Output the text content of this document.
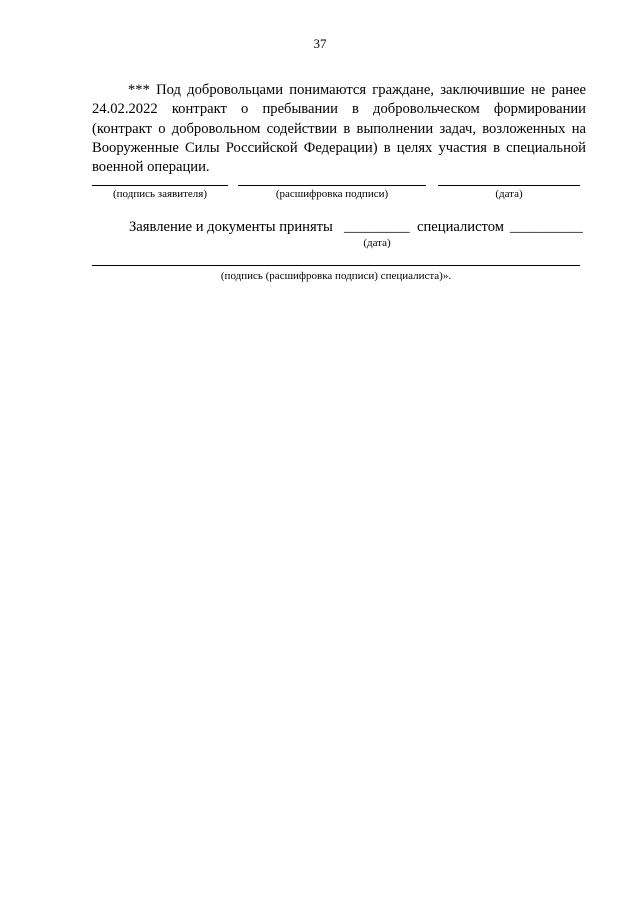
37

*** Под добровольцами понимаются граждане, заключившие не ранее 24.02.2022 контракт о пребывании в добровольческом формировании (контракт о добровольном содействии в выполнении задач, возложенных на Вооруженные Силы Российской Федерации) в целях участия в специальной военной операции.

(подпись заявителя)	(расшифровка подписи)	(дата)
Заявление и документы приняты _________ специалистом __________
(дата)
(подпись (расшифровка подписи) специалиста)».
